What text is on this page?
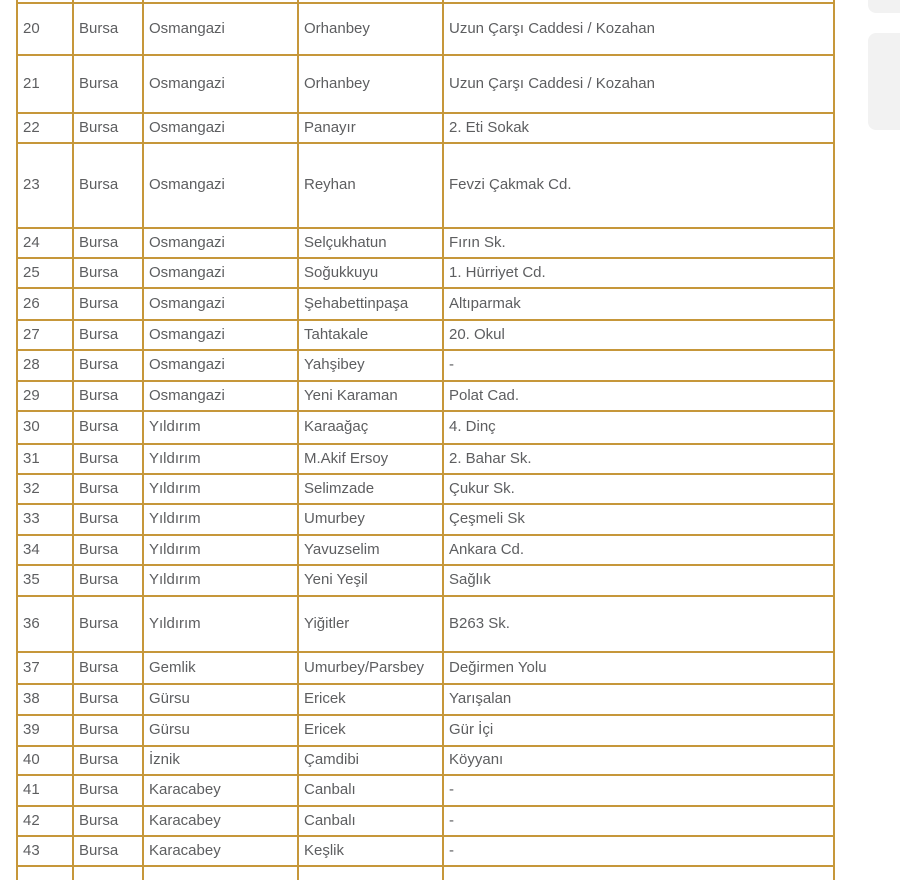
20	Bursa	Osmangazi	Orhanbey	Uzun Çarşı Caddesi / Kozahan
21	Bursa	Osmangazi	Orhanbey	Uzun Çarşı Caddesi / Kozahan
22	Bursa	Osmangazi	Panayır	2. Eti Sokak
23	Bursa	Osmangazi	Reyhan	Fevzi Çakmak Cd.
24	Bursa	Osmangazi	Selçukhatun	Fırın Sk.
25	Bursa	Osmangazi	Soğukkuyu	1. Hürriyet Cd.
26	Bursa	Osmangazi	Şehabettinpaşa	Altıparmak
27	Bursa	Osmangazi	Tahtakale	20. Okul
28	Bursa	Osmangazi	Yahşibey	-
29	Bursa	Osmangazi	Yeni Karaman	Polat Cad.
30	Bursa	Yıldırım	Karaağaç	4. Dinç
31	Bursa	Yıldırım	M.Akif Ersoy	2. Bahar Sk.
32	Bursa	Yıldırım	Selimzade	Çukur Sk.
33	Bursa	Yıldırım	Umurbey	Çeşmeli Sk
34	Bursa	Yıldırım	Yavuzselim	Ankara Cd.
35	Bursa	Yıldırım	Yeni Yeşil	Sağlık
36	Bursa	Yıldırım	Yiğitler	B263 Sk.
37	Bursa	Gemlik	Umurbey/Parsbey	Değirmen Yolu
38	Bursa	Gürsu	Ericek	Yarışalan
39	Bursa	Gürsu	Ericek	Gür İçi
40	Bursa	İznik	Çamdibi	Köyyanı
41	Bursa	Karacabey	Canbalı	-
42	Bursa	Karacabey	Canbalı	-
43	Bursa	Karacabey	Keşlik	-
